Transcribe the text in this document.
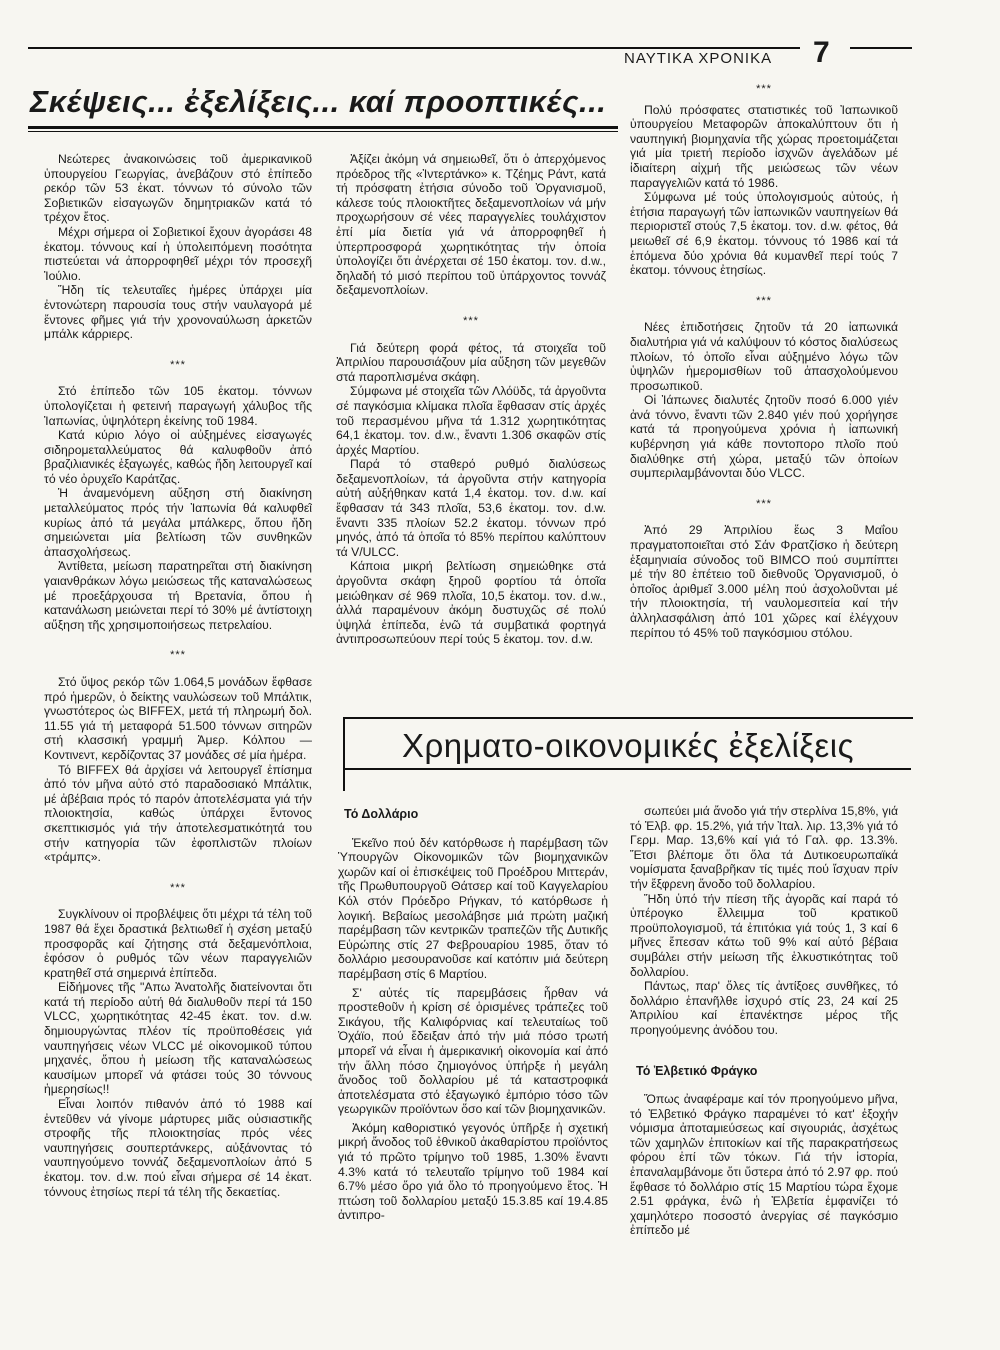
ΝΑΥΤΙΚΑ ΧΡΟΝΙΚΑ 7
Σκέψεις... ἐξελίξεις... καί προοπτικές...

Νεώτερες ἀνακοινώσεις τοῦ ἀμερικανικοῦ ὑπουργείου Γεωργίας, ἀνεβάζουν στό ἐπίπεδο ρεκόρ τῶν 53 ἑκατ. τόννων τό σύνολο τῶν Σοβιετικῶν εἰσαγωγῶν δημητριακῶν κατά τό τρέχον ἔτος.

Μέχρι σήμερα οἱ Σοβιετικοί ἔχουν ἀγοράσει 48 ἑκατομ. τόννους καί ἡ ὑπολειπόμενη ποσότητα πιστεύεται νά ἀπορροφηθεῖ μέχρι τόν προσεχῆ Ἰούλιο.

Ἤδη τίς τελευταῖες ἡμέρες ὑπάρχει μία ἐντονώτερη παρουσία τους στήν ναυλαγορά μέ ἔντονες φῆμες γιά τήν χρονοναύλωση ἀρκετῶν μπάλκ κάρριερς.

***

Στό ἐπίπεδο τῶν 105 ἑκατομ. τόννων ὑπολογίζεται ἡ φετεινή παραγωγή χάλυβος τῆς Ἰαπωνίας, ὑψηλότερη ἐκείνης τοῦ 1984.

Κατά κύριο λόγο οἱ αὐξημένες εἰσαγωγές σιδηρομεταλλεύματος θά καλυφθοῦν ἀπό βραζιλιανικές ἐξαγωγές, καθώς ἤδη λειτουργεῖ καί τό νέο ὀρυχεῖο Καράτζας.

Ἡ ἀναμενόμενη αὔξηση στή διακίνηση μεταλλεύματος πρός τήν Ἰαπωνία θά καλυφθεῖ κυρίως ἀπό τά μεγάλα μπάλκερς, ὅπου ἤδη σημειώνεται μία βελτίωση τῶν συνθηκῶν ἀπασχολήσεως.

Ἀντίθετα, μείωση παρατηρεῖται στή διακίνηση γαιανθράκων λόγω μειώσεως τῆς καταναλώσεως μέ προεξάρχουσα τή Βρετανία, ὅπου ἡ κατανάλωση μειώνεται περί τό 30% μέ ἀντίστοιχη αὔξηση τῆς χρησιμοποιήσεως πετρελαίου.

***

Στό ὕψος ρεκόρ τῶν 1.064,5 μονάδων ἔφθασε πρό ἡμερῶν, ὁ δείκτης ναυλώσεων τοῦ Μπάλτικ, γνωστότερος ὡς BIFFEX, μετά τή πληρωμή δολ. 11.55 γιά τή μεταφορά 51.500 τόννων σιτηρῶν στή κλασσική γραμμή Ἀμερ. Κόλπου — Κοντινεντ, κερδίζοντας 37 μονάδες σέ μία ἡμέρα.

Τό BIFFEX θά ἀρχίσει νά λειτουργεῖ ἐπίσημα ἀπό τόν μῆνα αὐτό στό παραδοσιακό Μπάλτικ, μέ ἀβέβαια πρός τό παρόν ἀποτελέσματα γιά τήν πλοιοκτησία, καθώς ὑπάρχει ἔντονος σκεπτικισμός γιά τήν ἀποτελεσματικότητά του στήν κατηγορία τῶν ἐφοπλιστῶν πλοίων «τράμπς».

***

Συγκλίνουν οἱ προβλέψεις ὅτι μέχρι τά τέλη τοῦ 1987 θά ἔχει δραστικά βελτιωθεῖ ἡ σχέση μεταξύ προσφορᾶς καί ζήτησης στά δεξαμενόπλοια, ἐφόσον ὁ ρυθμός τῶν νέων παραγγελιῶν κρατηθεῖ στά σημερινά ἐπίπεδα.

Εἰδήμονες τῆς "Απω Ἀνατολῆς διατείνονται ὅτι κατά τή περίοδο αὐτή θά διαλυθοῦν περί τά 150 VLCC, χωρητικότητας 42-45 ἑκατ. τον. d.w. δημιουργώντας πλέον τίς προϋποθέσεις γιά ναυπηγήσεις νέων VLCC μέ οἰκονομικοῦ τύπου μηχανές, ὅπου ἡ μείωση τῆς καταναλώσεως καυσίμων μπορεῖ νά φτάσει τούς 30 τόννους ἡμερησίως!!

Εἶναι λοιπόν πιθανόν ἀπό τό 1988 καί ἐντεῦθεν νά γίνομε μάρτυρες μιᾶς οὐσιαστικῆς στροφῆς τῆς πλοιοκτησίας πρός νέες ναυπηγήσεις σουπερτάνκερς, αὐξάνοντας τό ναυπηγούμενο τοννάζ δεξαμενοπλοίων ἀπό 5 ἑκατομ. τον. d.w. πού εἶναι σήμερα σέ 14 ἑκατ. τόννους ἐτησίως περί τά τέλη τῆς δεκαετίας.

Ἀξίζει ἀκόμη νά σημειωθεῖ, ὅτι ὁ ἀπερχόμενος πρόεδρος τῆς «Ἰντερτάνκο» κ. Τζέημς Ράντ, κατά τή πρόσφατη ἐτήσια σύνοδο τοῦ Ὀργανισμοῦ, κάλεσε τούς πλοιοκτῆτες δεξαμενοπλοίων νά μήν προχωρήσουν σέ νέες παραγγελίες τουλάχιστον ἐπί μία διετία γιά νά ἀπορροφηθεῖ ἡ ὑπερπροσφορά χωρητικότητας τήν ὁποία ὑπολογίζει ὅτι ἀνέρχεται σέ 150 ἑκατομ. τον. d.w., δηλαδή τό μισό περίπου τοῦ ὑπάρχοντος τοννάζ δεξαμενοπλοίων.

***

Γιά δεύτερη φορά φέτος, τά στοιχεῖα τοῦ Ἀπριλίου παρουσιάζουν μία αὔξηση τῶν μεγεθῶν στά παροπλισμένα σκάφη.

Σύμφωνα μέ στοιχεῖα τῶν Λλόϋδς, τά ἀργοῦντα σέ παγκόσμια κλίμακα πλοῖα ἔφθασαν στίς ἀρχές τοῦ περασμένου μῆνα τά 1.312 χωρητικότητας 64,1 ἑκατομ. τον. d.w., ἔναντι 1.306 σκαφῶν στίς ἀρχές Μαρτίου.

Παρά τό σταθερό ρυθμό διαλύσεως δεξαμενοπλοίων, τά ἀργοῦντα στήν κατηγορία αὐτή αὐξήθηκαν κατά 1,4 ἑκατομ. τον. d.w. καί ἔφθασαν τά 343 πλοῖα, 53,6 ἑκατομ. τον. d.w. ἔναντι 335 πλοίων 52.2 ἑκατομ. τόννων πρό μηνός, ἀπό τά ὁποῖα τό 85% περίπου καλύπτουν τά V/ULCC.

Κάποια μικρή βελτίωση σημειώθηκε στά ἀργοῦντα σκάφη ξηροῦ φορτίου τά ὁποῖα μειώθηκαν σέ 969 πλοῖα, 10,5 ἑκατομ. τον. d.w., ἀλλά παραμένουν ἀκόμη δυστυχῶς σέ πολύ ὑψηλά ἐπίπεδα, ἐνῶ τά συμβατικά φορτηγά ἀντιπροσωπεύουν περί τούς 5 ἑκατομ. τον. d.w.

***

Πολύ πρόσφατες στατιστικές τοῦ Ἰαπωνικοῦ ὑπουργείου Μεταφορῶν ἀποκαλύπτουν ὅτι ἡ ναυπηγική βιομηχανία τῆς χώρας προετοιμάζεται γιά μία τριετή περίοδο ἰσχνῶν ἀγελάδων μέ ἰδιαίτερη αἰχμή τῆς μειώσεως τῶν νέων παραγγελιῶν κατά τό 1986.

Σύμφωνα μέ τούς ὑπολογισμούς αὐτούς, ἡ ἐτήσια παραγωγή τῶν ἰαπωνικῶν ναυπηγείων θά περιοριστεῖ στούς 7,5 ἑκατομ. τον. d.w. φέτος, θά μειωθεῖ σέ 6,9 ἑκατομ. τόννους τό 1986 καί τά ἑπόμενα δύο χρόνια θά κυμανθεῖ περί τούς 7 ἑκατομ. τόννους ἐτησίως.

***

Νέες ἐπιδοτήσεις ζητοῦν τά 20 ἰαπωνικά διαλυτήρια γιά νά καλύψουν τό κόστος διαλύσεως πλοίων, τό ὁποῖο εἶναι αὐξημένο λόγω τῶν ὑψηλῶν ἡμερομισθίων τοῦ ἀπασχολούμενου προσωπικοῦ.

Οἱ Ἰάπωνες διαλυτές ζητοῦν ποσό 6.000 γιέν ἀνά τόννο, ἔναντι τῶν 2.840 γιέν πού χορήγησε κατά τά προηγούμενα χρόνια ἡ ἰαπωνική κυβέρνηση γιά κάθε ποντοπορο πλοῖο πού διαλύθηκε στή χώρα, μεταξύ τῶν ὁποίων συμπεριλαμβάνονται δύο VLCC.

***

Ἀπό 29 Ἀπριλίου ἕως 3 Μαΐου πραγματοποιεῖται στό Σάν Φρατζίσκο ἡ δεύτερη ἑξαμηνιαία σύνοδος τοῦ BIMCO πού συμπίπτει μέ τήν 80 ἐπέτειο τοῦ διεθνοῦς Ὀργανισμοῦ, ὁ ὁποῖος ἀριθμεῖ 3.000 μέλη πού ἀσχολοῦνται μέ τήν πλοιοκτησία, τή ναυλομεσιτεία καί τήν ἀλληλασφάλιση ἀπό 101 χῶρες καί ἐλέγχουν περίπου τό 45% τοῦ παγκόσμιου στόλου.

Χρηματο-οικονομικές ἐξελίξεις
Τό Δολλάριο

Ἐκεῖνο πού δέν κατόρθωσε ἡ παρέμβαση τῶν Ὑπουργῶν Οἰκονομικῶν τῶν βιομηχανικῶν χωρῶν καί οἱ ἐπισκέψεις τοῦ Προέδρου Μιττεράν, τῆς Πρωθυπουργοῦ Θάτσερ καί τοῦ Καγγελαρίου Κόλ στόν Πρόεδρο Ρήγκαν, τό κατόρθωσε ἡ λογική. Βεβαίως μεσολάβησε μιά πρώτη μαζική παρέμβαση τῶν κεντρικῶν τραπεζῶν τῆς Δυτικῆς Εὐρώπης στίς 27 Φεβρουαρίου 1985, ὅταν τό δολλάριο μεσουρανοῦσε καί κατόπιν μιά δεύτερη παρέμβαση στίς 6 Μαρτίου.

Σ' αὐτές τίς παρεμβάσεις ἦρθαν νά προστεθοῦν ἡ κρίση σέ ὁρισμένες τράπεζες τοῦ Σικάγου, τῆς Καλιφόρνιας καί τελευταίως τοῦ Ὀχάϊο, πού ἔδειξαν ἀπό τήν μιά πόσο τρωτή μπορεῖ νά εἶναι ἡ ἀμερικανική οἰκονομία καί ἀπό τήν ἄλλη πόσο ζημιογόνος ὑπήρξε ἡ μεγάλη ἄνοδος τοῦ δολλαρίου μέ τά καταστροφικά ἀποτελέσματα στό ἐξαγωγικό ἐμπόριο τόσο τῶν γεωργικῶν προϊόντων ὅσο καί τῶν βιομηχανικῶν.

Ἀκόμη καθοριστικό γεγονός ὑπῆρξε ἡ σχετική μικρή ἄνοδος τοῦ ἐθνικοῦ ἀκαθαρίστου προϊόντος γιά τό πρῶτο τρίμηνο τοῦ 1985, 1.30% ἔναντι 4.3% κατά τό τελευταῖο τρίμηνο τοῦ 1984 καί 6.7% μέσο ὅρο γιά ὅλο τό προηγούμενο ἔτος. Ἡ πτώση τοῦ δολλαρίου μεταξύ 15.3.85 καί 19.4.85 ἀντιπρο-

σωπεύει μιά ἄνοδο γιά τήν στερλίνα 15,8%, γιά τό Ἐλβ. φρ. 15.2%, γιά τήν Ἰταλ. λιρ. 13,3% γιά τό Γερμ. Μαρ. 13,6% καί γιά τό Γαλ. φρ. 13.3%. Ἔτσι βλέπομε ὅτι ὅλα τά Δυτικοευρωπαϊκά νομίσματα ξαναβρῆκαν τίς τιμές πού ἴσχυαν πρίν τήν ἔξφρενη ἄνοδο τοῦ δολλαρίου.

Ἤδη ὑπό τήν πίεση τῆς ἀγορᾶς καί παρά τό ὑπέρογκο ἔλλειμμα τοῦ κρατικοῦ προϋπολογισμοῦ, τά ἐπιτόκια γιά τούς 1, 3 καί 6 μῆνες ἔπεσαν κάτω τοῦ 9% καί αὐτό βέβαια συμβάλει στήν μείωση τῆς ἑλκυστικότητας τοῦ δολλαρίου.

Πάντως, παρ' ὅλες τίς ἀντίξοες συνθῆκες, τό δολλάριο ἐπανῆλθε ἰσχυρό στίς 23, 24 καί 25 Ἀπριλίου καί ἐπανέκτησε μέρος τῆς προηγούμενης ἀνόδου του.

Τό Ἐλβετικό Φράγκο

Ὅπως ἀναφέραμε καί τόν προηγούμενο μῆνα, τό Ἐλβετικό Φράγκο παραμένει τό κατ' ἐξοχήν νόμισμα ἀποταμιεύσεως καί σιγουριάς, ἀσχέτως τῶν χαμηλῶν ἐπιτοκίων καί τῆς παρακρατήσεως φόρου ἐπί τῶν τόκων. Γιά τήν ἱστορία, ἐπαναλαμβάνομε ὅτι ὕστερα ἀπό τό 2.97 φρ. πού ἔφθασε τό δολλάριο στίς 15 Μαρτίου τώρα ἔχομε 2.51 φράγκα, ἐνῶ ἡ Ἐλβετία ἐμφανίζει τό χαμηλότερο ποσοστό ἀνεργίας σέ παγκόσμιο ἐπίπεδο μέ
